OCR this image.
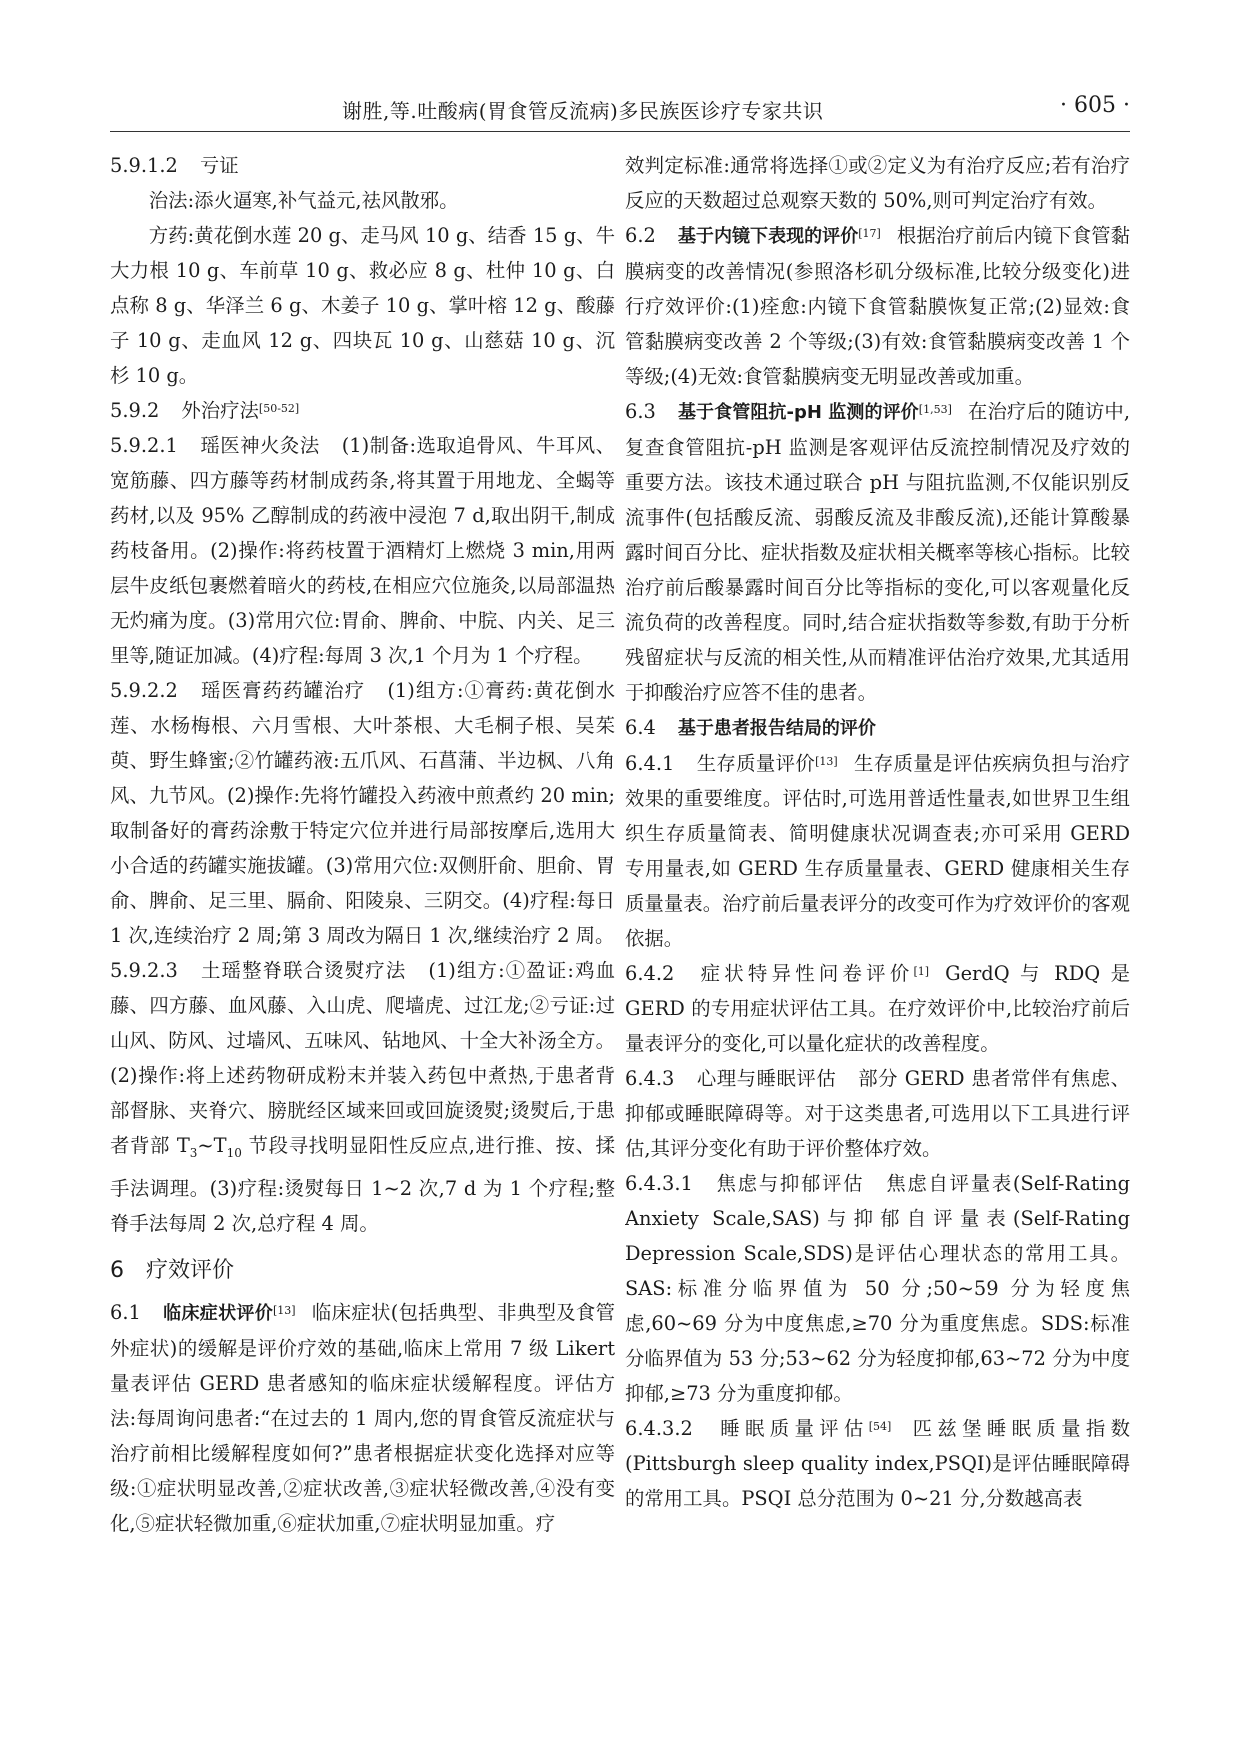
谢胜,等.吐酸病(胃食管反流病)多民族医诊疗专家共识	· 605 ·

5.9.1.2 亏证

治法:添火逼寒,补气益元,祛风散邪。

方药:黄花倒水莲 20 g、走马风 10 g、结香 15 g、牛大力根 10 g、车前草 10 g、救必应 8 g、杜仲 10 g、白点称 8 g、华泽兰 6 g、木姜子 10 g、掌叶榕 12 g、酸藤子 10 g、走血风 12 g、四块瓦 10 g、山慈菇 10 g、沉杉 10 g。

5.9.2 外治疗法[50-52]

5.9.2.1 瑶医神火灸法 (1)制备:选取追骨风、牛耳风、宽筋藤、四方藤等药材制成药条,将其置于用地龙、全蝎等药材,以及 95% 乙醇制成的药液中浸泡 7 d,取出阴干,制成药枝备用。(2)操作:将药枝置于酒精灯上燃烧 3 min,用两层牛皮纸包裹燃着暗火的药枝,在相应穴位施灸,以局部温热无灼痛为度。(3)常用穴位:胃俞、脾俞、中脘、内关、足三里等,随证加减。(4)疗程:每周 3 次,1 个月为 1 个疗程。

5.9.2.2 瑶医膏药药罐治疗 (1)组方:①膏药:黄花倒水莲、水杨梅根、六月雪根、大叶茶根、大毛桐子根、吴茱萸、野生蜂蜜;②竹罐药液:五爪风、石菖蒲、半边枫、八角风、九节风。(2)操作:先将竹罐投入药液中煎煮约 20 min;取制备好的膏药涂敷于特定穴位并进行局部按摩后,选用大小合适的药罐实施拔罐。(3)常用穴位:双侧肝俞、胆俞、胃俞、脾俞、足三里、膈俞、阳陵泉、三阴交。(4)疗程:每日 1 次,连续治疗 2 周;第 3 周改为隔日 1 次,继续治疗 2 周。

5.9.2.3 土瑶整脊联合烫熨疗法 (1)组方:①盈证:鸡血藤、四方藤、血风藤、入山虎、爬墙虎、过江龙;②亏证:过山风、防风、过墙风、五味风、钻地风、十全大补汤全方。(2)操作:将上述药物研成粉末并装入药包中煮热,于患者背部督脉、夹脊穴、膀胱经区域来回或回旋烫熨;烫熨后,于患者背部 $T_3\sim T_{10}$ 节段寻找明显阳性反应点,进行推、按、揉手法调理。(3)疗程:烫熨每日 1~2 次,7 d 为 1 个疗程;整脊手法每周 2 次,总疗程 4 周。

6 疗效评价

6.1 临床症状评价[13] 临床症状(包括典型、非典型及食管外症状)的缓解是评价疗效的基础,临床上常用 7 级 Likert 量表评估 GERD 患者感知的临床症状缓解程度。评估方法:每周询问患者:“在过去的 1 周内,您的胃食管反流症状与治疗前相比缓解程度如何?”患者根据症状变化选择对应等级:①症状明显改善,②症状改善,③症状轻微改善,④没有变化,⑤症状轻微加重,⑥症状加重,⑦症状明显加重。疗

效判定标准:通常将选择①或②定义为有治疗反应;若有治疗反应的天数超过总观察天数的 50%,则可判定治疗有效。

6.2 基于内镜下表现的评价[17] 根据治疗前后内镜下食管黏膜病变的改善情况(参照洛杉矶分级标准,比较分级变化)进行疗效评价:(1)痊愈:内镜下食管黏膜恢复正常;(2)显效:食管黏膜病变改善 2 个等级;(3)有效:食管黏膜病变改善 1 个等级;(4)无效:食管黏膜病变无明显改善或加重。

6.3 基于食管阻抗-pH 监测的评价[1,53] 在治疗后的随访中,复查食管阻抗-pH 监测是客观评估反流控制情况及疗效的重要方法。该技术通过联合 pH 与阻抗监测,不仅能识别反流事件(包括酸反流、弱酸反流及非酸反流),还能计算酸暴露时间百分比、症状指数及症状相关概率等核心指标。比较治疗前后酸暴露时间百分比等指标的变化,可以客观量化反流负荷的改善程度。同时,结合症状指数等参数,有助于分析残留症状与反流的相关性,从而精准评估治疗效果,尤其适用于抑酸治疗应答不佳的患者。

6.4 基于患者报告结局的评价

6.4.1 生存质量评价[13] 生存质量是评估疾病负担与治疗效果的重要维度。评估时,可选用普适性量表,如世界卫生组织生存质量简表、简明健康状况调查表;亦可采用 GERD 专用量表,如 GERD 生存质量量表、GERD 健康相关生存质量量表。治疗前后量表评分的改变可作为疗效评价的客观依据。

6.4.2 症状特异性问卷评价[1] GerdQ 与 RDQ 是 GERD 的专用症状评估工具。在疗效评价中,比较治疗前后量表评分的变化,可以量化症状的改善程度。

6.4.3 心理与睡眠评估 部分 GERD 患者常伴有焦虑、抑郁或睡眠障碍等。对于这类患者,可选用以下工具进行评估,其评分变化有助于评价整体疗效。

6.4.3.1 焦虑与抑郁评估 焦虑自评量表(Self-Rating Anxiety Scale,SAS)与抑郁自评量表(Self-Rating Depression Scale,SDS)是评估心理状态的常用工具。SAS:标准分临界值为 50 分;50~59 分为轻度焦虑,60~69 分为中度焦虑,≥70 分为重度焦虑。SDS:标准分临界值为 53 分;53~62 分为轻度抑郁,63~72 分为中度抑郁,≥73 分为重度抑郁。

6.4.3.2 睡眠质量评估[54] 匹兹堡睡眠质量指数(Pittsburgh sleep quality index,PSQI)是评估睡眠障碍的常用工具。PSQI 总分范围为 0~21 分,分数越高表
